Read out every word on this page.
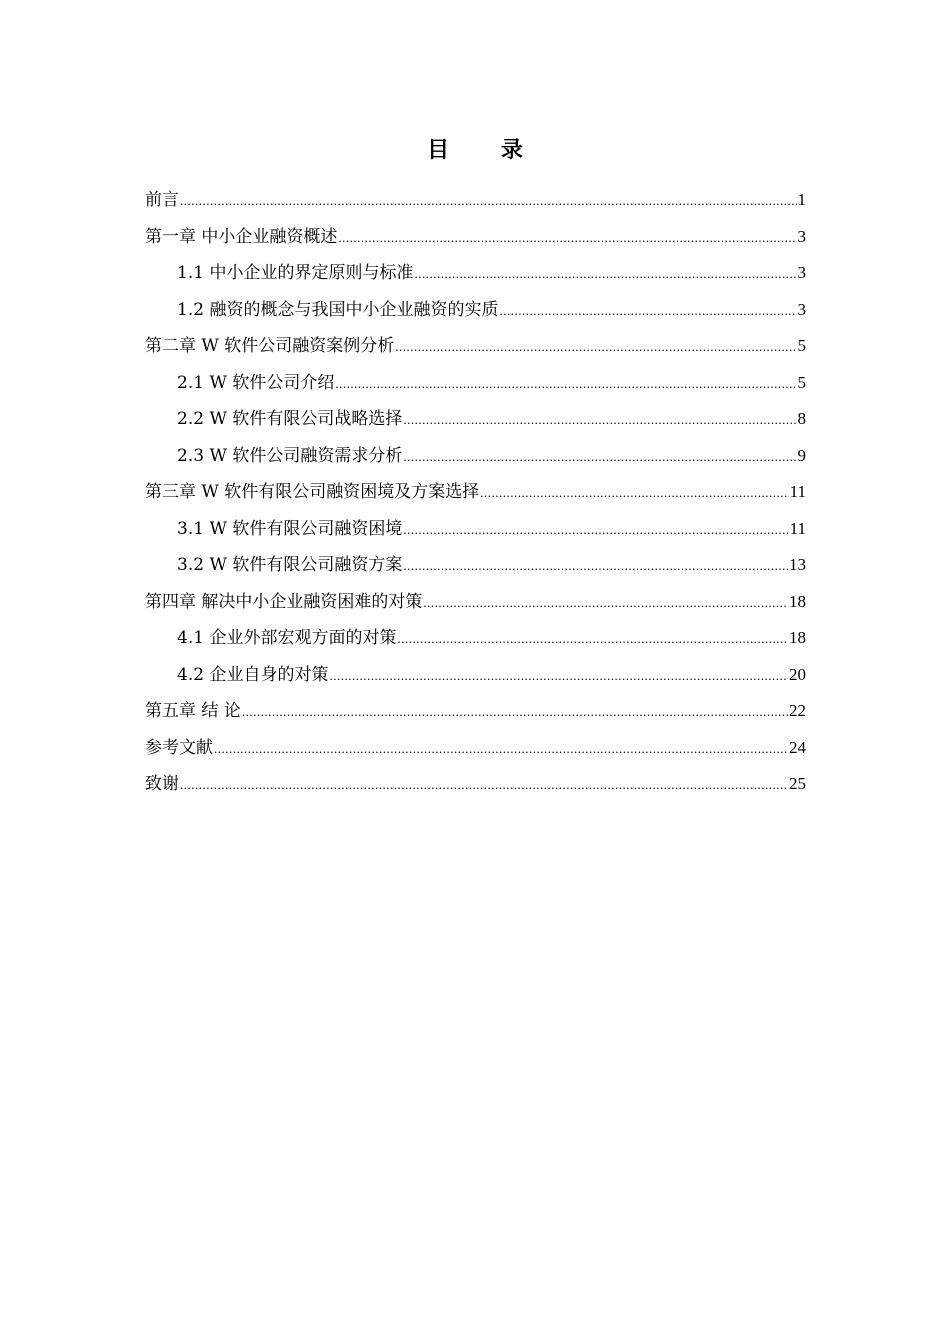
目 录
前言 .....	1
第一章 中小企业融资概述 .....	3
1.1 中小企业的界定原则与标准 .....	3
1.2 融资的概念与我国中小企业融资的实质 .....	3
第二章 W 软件公司融资案例分析 .....	5
2.1 W 软件公司介绍 .....	5
2.2 W 软件有限公司战略选择 .....	8
2.3 W 软件公司融资需求分析 .....	9
第三章 W 软件有限公司融资困境及方案选择 .....	11
3.1 W 软件有限公司融资困境 .....	11
3.2 W 软件有限公司融资方案 .....	13
第四章 解决中小企业融资困难的对策 .....	18
4.1 企业外部宏观方面的对策 .....	18
4.2 企业自身的对策 .....	20
第五章 结 论 .....	22
参考文献 .....	24
致谢 .....	25
